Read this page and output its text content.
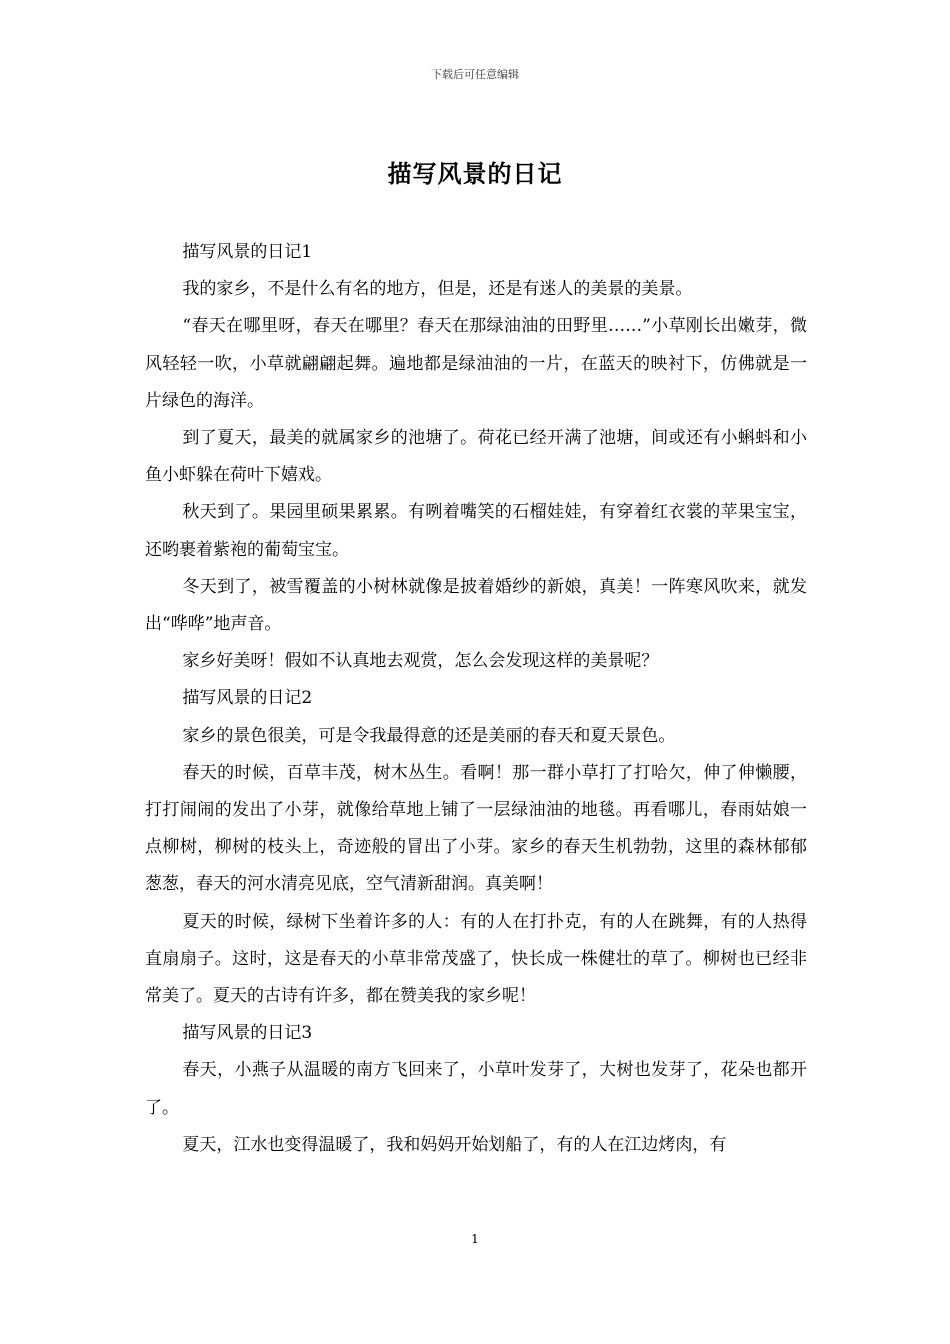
下载后可任意编辑
描写风景的日记

描写风景的日记1

我的家乡，不是什么有名的地方，但是，还是有迷人的美景的美景。

“春天在哪里呀，春天在哪里？春天在那绿油油的田野里……”小草刚长出嫩芽，微风轻轻一吹，小草就翩翩起舞。遍地都是绿油油的一片，在蓝天的映衬下，仿佛就是一片绿色的海洋。

到了夏天，最美的就属家乡的池塘了。荷花已经开满了池塘，间或还有小蝌蚪和小鱼小虾躲在荷叶下嬉戏。

秋天到了。果园里硕果累累。有咧着嘴笑的石榴娃娃，有穿着红衣裳的苹果宝宝，还哟裹着紫袍的葡萄宝宝。

冬天到了，被雪覆盖的小树林就像是披着婚纱的新娘，真美！一阵寒风吹来，就发出“哗哗”地声音。

家乡好美呀！假如不认真地去观赏，怎么会发现这样的美景呢？

描写风景的日记2

家乡的景色很美，可是令我最得意的还是美丽的春天和夏天景色。

春天的时候，百草丰茂，树木丛生。看啊！那一群小草打了打哈欠，伸了伸懒腰，打打闹闹的发出了小芽，就像给草地上铺了一层绿油油的地毯。再看哪儿，春雨姑娘一点柳树，柳树的枝头上，奇迹般的冒出了小芽。家乡的春天生机勃勃，这里的森林郁郁葱葱，春天的河水清亮见底，空气清新甜润。真美啊！

夏天的时候，绿树下坐着许多的人：有的人在打扑克，有的人在跳舞，有的人热得直扇扇子。这时，这是春天的小草非常茂盛了，快长成一株健壮的草了。柳树也已经非常美了。夏天的古诗有许多，都在赞美我的家乡呢！

描写风景的日记3

春天，小燕子从温暖的南方飞回来了，小草叶发芽了，大树也发芽了，花朵也都开了。

夏天，江水也变得温暖了，我和妈妈开始划船了，有的人在江边烤肉，有

1
